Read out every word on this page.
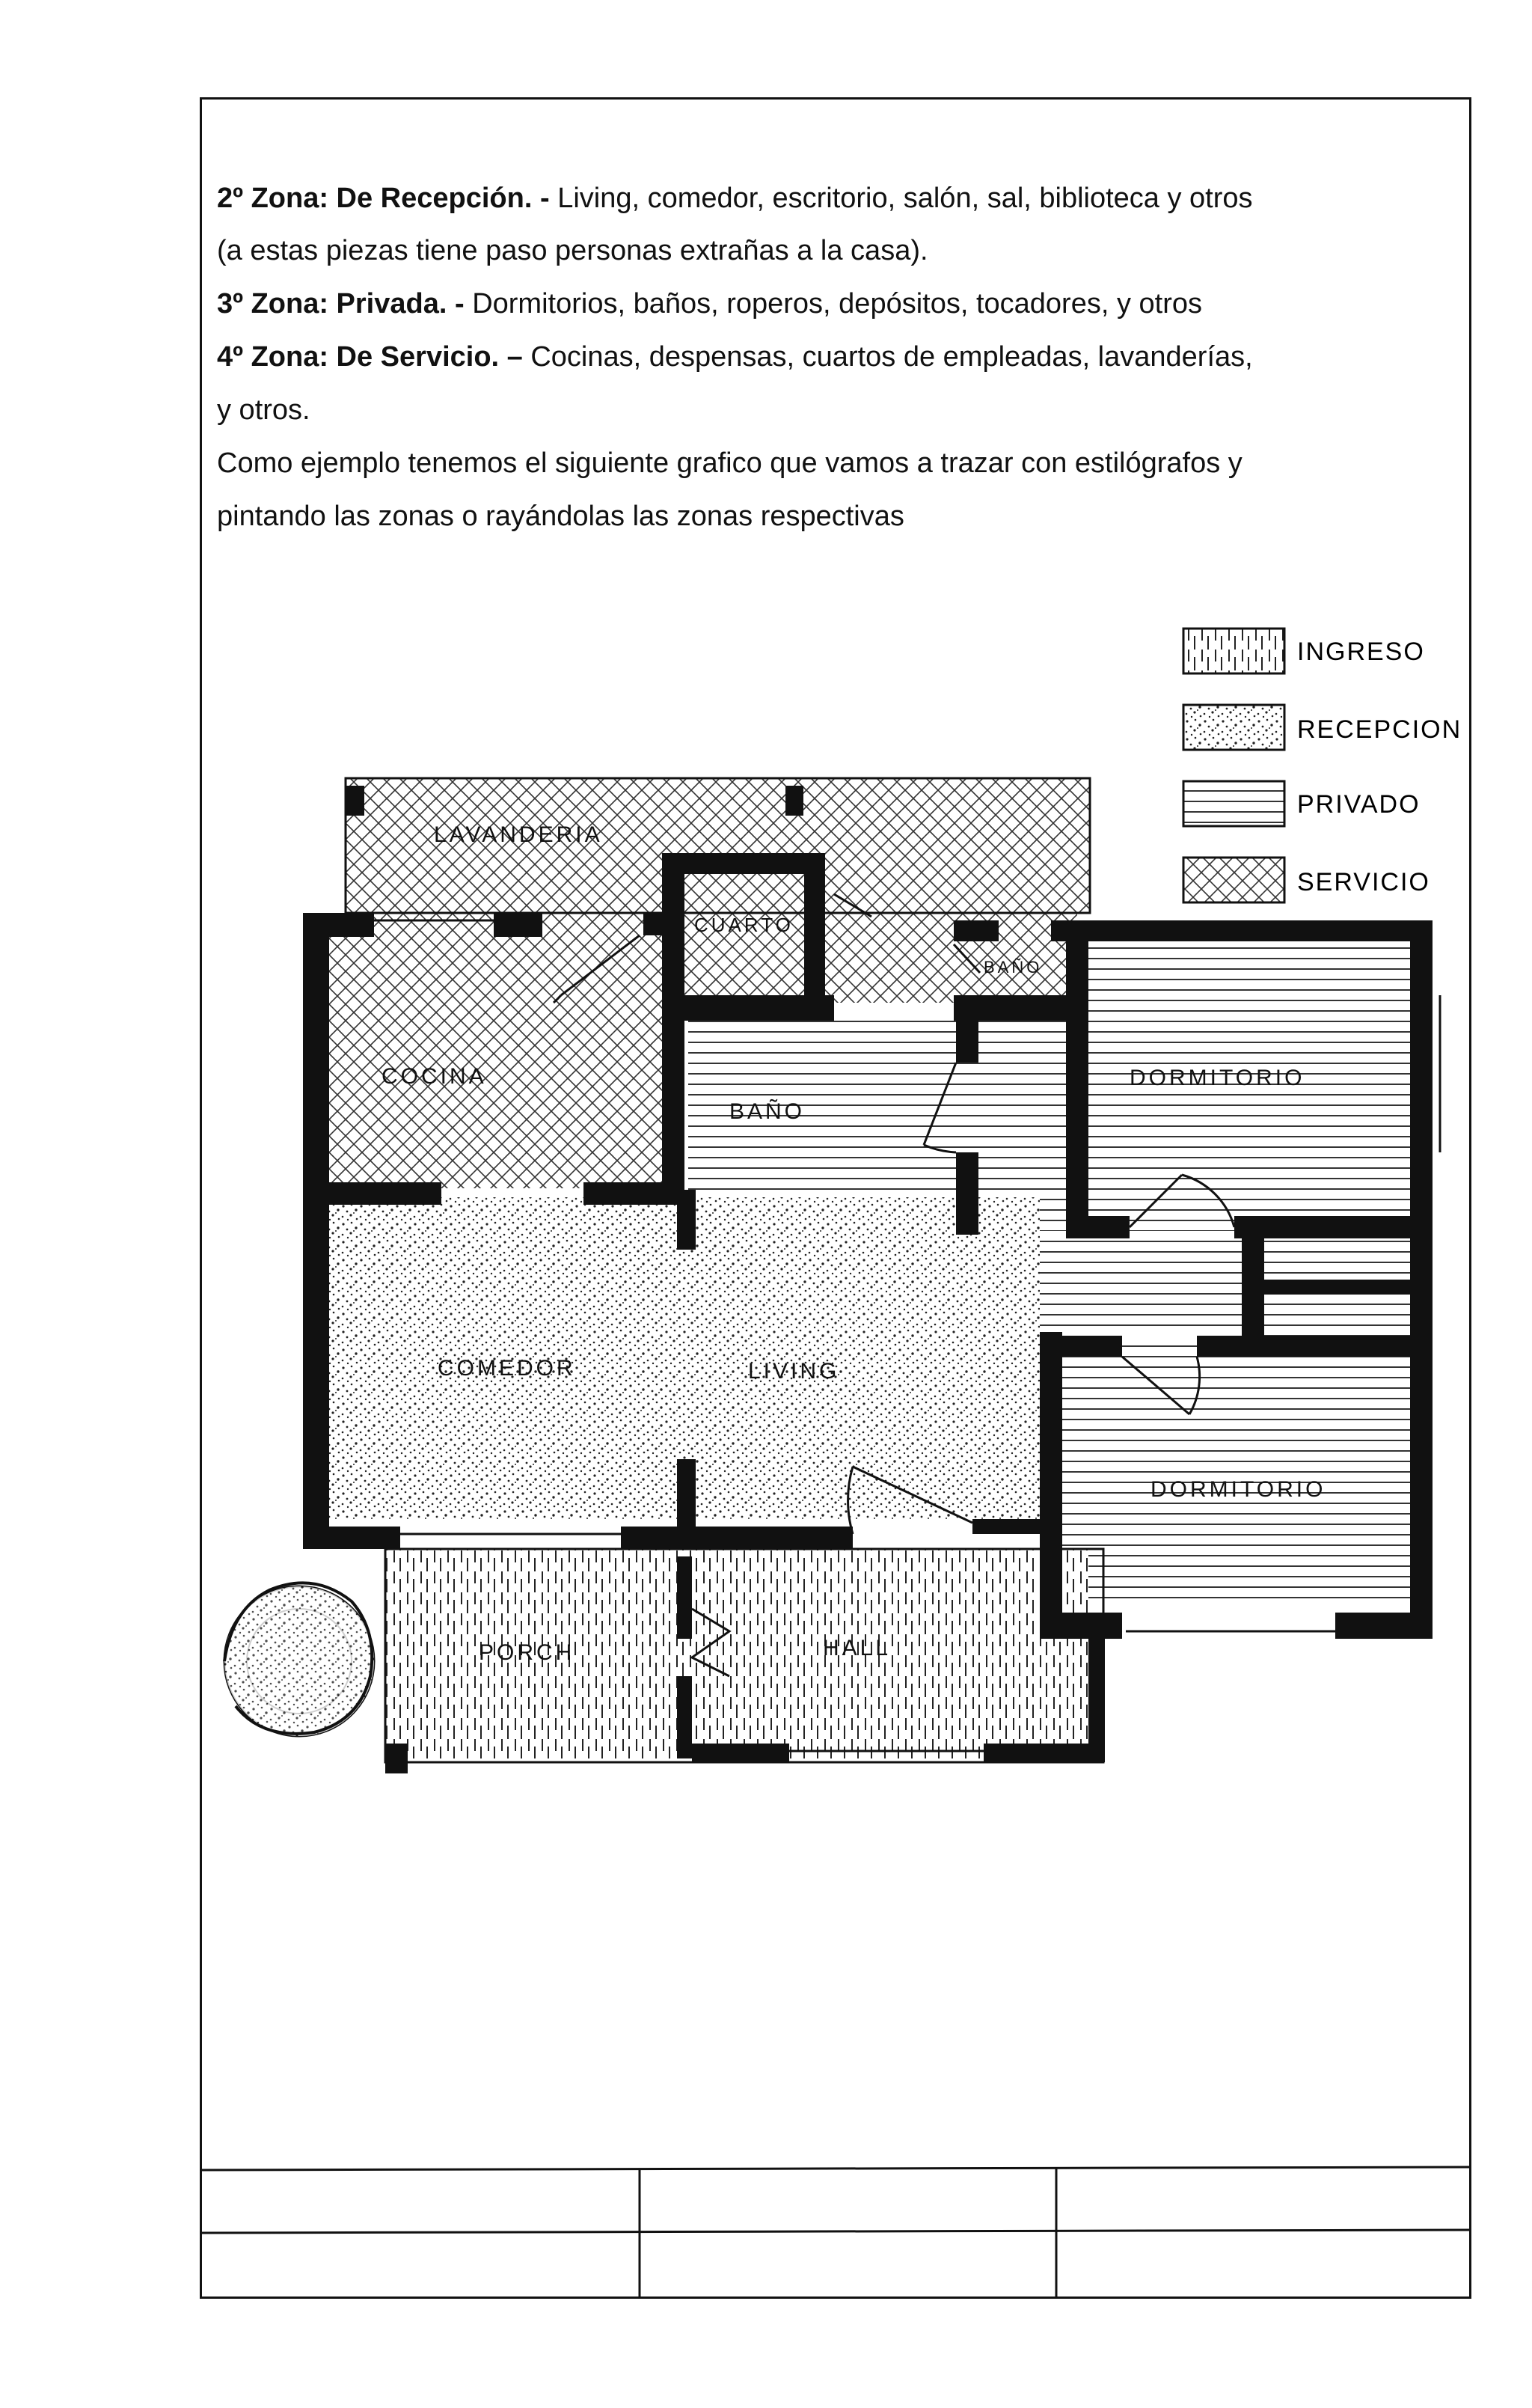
2º Zona: De Recepción. - Living, comedor, escritorio, salón, sal, biblioteca y otros
(a estas piezas tiene paso personas extrañas a la casa).
3º Zona: Privada. - Dormitorios, baños, roperos, depósitos, tocadores, y otros
4º Zona: De Servicio. – Cocinas, despensas, cuartos de empleadas, lavanderías,
y otros.
Como ejemplo tenemos el siguiente grafico que vamos a trazar con estilógrafos y
pintando las zonas o rayándolas las zonas respectivas
INGRESO
RECEPCION
PRIVADO
SERVICIO
LAVANDERIA
CUARTO
BAÑO
COCINA
BAÑO
DORMITORIO
COMEDOR	LIVING
DORMITORIO
PORCH	HALL
